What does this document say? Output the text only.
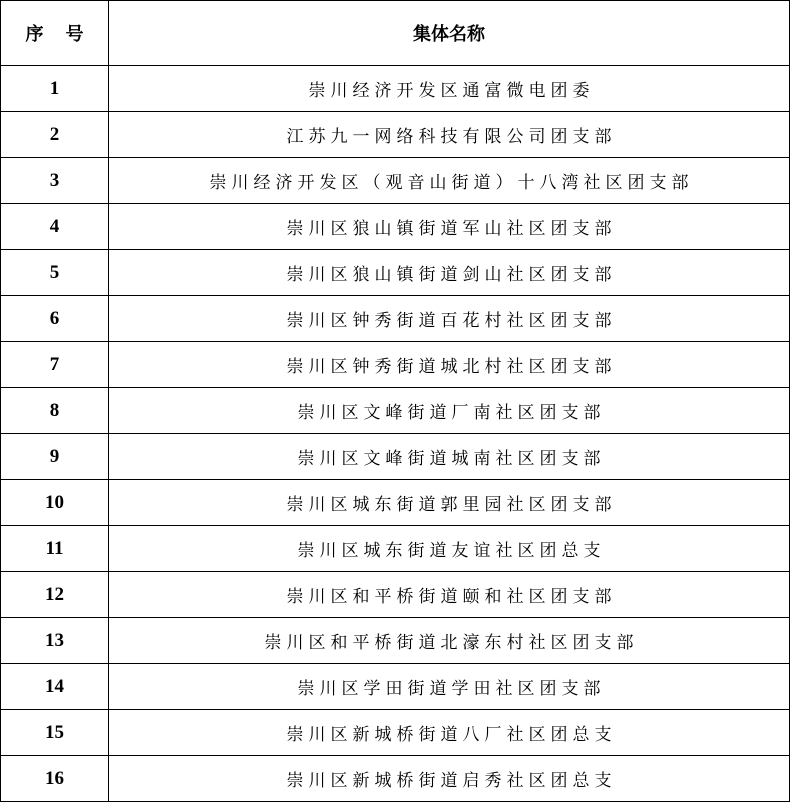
序号	集体名称
1	崇川经济开发区通富微电团委
2	江苏九一网络科技有限公司团支部
3	崇川经济开发区（观音山街道）十八湾社区团支部
4	崇川区狼山镇街道军山社区团支部
5	崇川区狼山镇街道剑山社区团支部
6	崇川区钟秀街道百花村社区团支部
7	崇川区钟秀街道城北村社区团支部
8	崇川区文峰街道厂南社区团支部
9	崇川区文峰街道城南社区团支部
10	崇川区城东街道郭里园社区团支部
11	崇川区城东街道友谊社区团总支
12	崇川区和平桥街道颐和社区团支部
13	崇川区和平桥街道北濠东村社区团支部
14	崇川区学田街道学田社区团支部
15	崇川区新城桥街道八厂社区团总支
16	崇川区新城桥街道启秀社区团总支
